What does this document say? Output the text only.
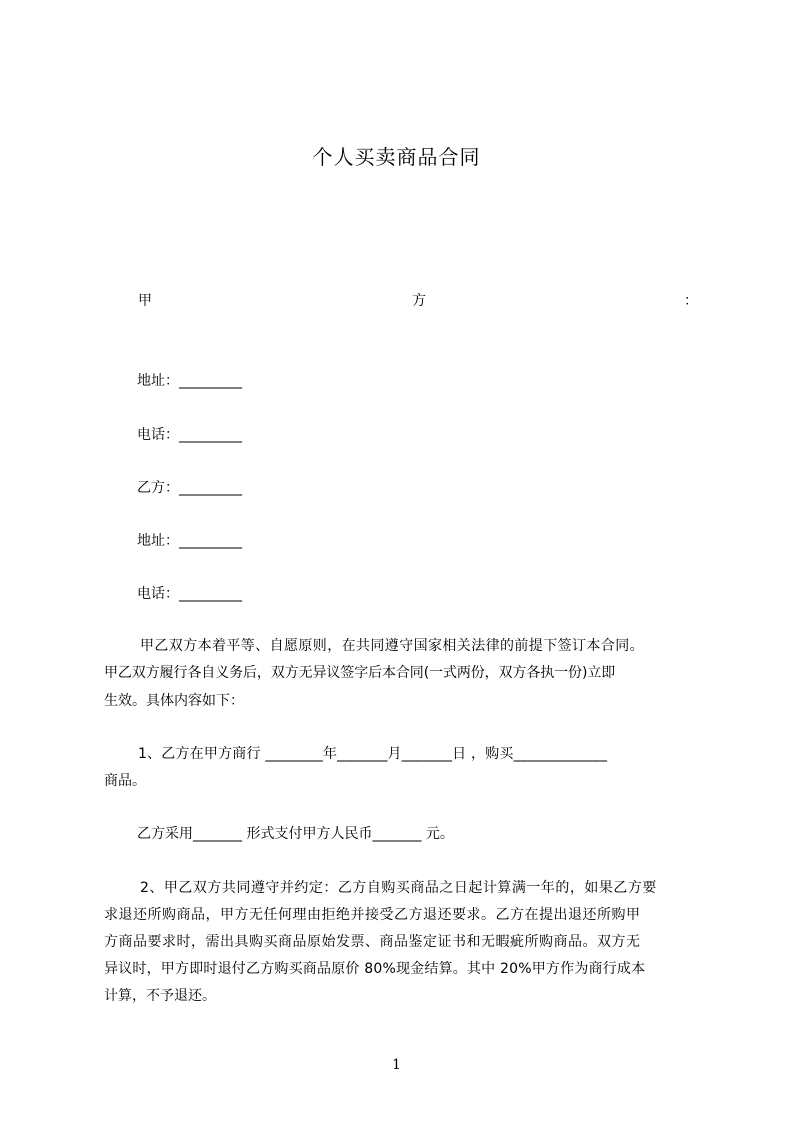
个人买卖商品合同
甲	方	：
地址：_________
电话：_________
乙方：_________
地址：_________
电话：_________
甲乙双方本着平等、自愿原则，在共同遵守国家相关法律的前提下签订本合同。
甲乙双方履行各自义务后，双方无异议签字后本合同(一式两份，双方各执一份)立即
生效。具体内容如下：
1、乙方在甲方商行 ________年_______月_______日 ，购买_____________
商品。
乙方采用_______ 形式支付甲方人民币_______ 元。
2、甲乙双方共同遵守并约定：乙方自购买商品之日起计算满一年的，如果乙方要
求退还所购商品，甲方无任何理由拒绝并接受乙方退还要求。乙方在提出退还所购甲
方商品要求时，需出具购买商品原始发票、商品鉴定证书和无暇疵所购商品。双方无
异议时，甲方即时退付乙方购买商品原价 80%现金结算。其中 20%甲方作为商行成本
计算，不予退还。
1
